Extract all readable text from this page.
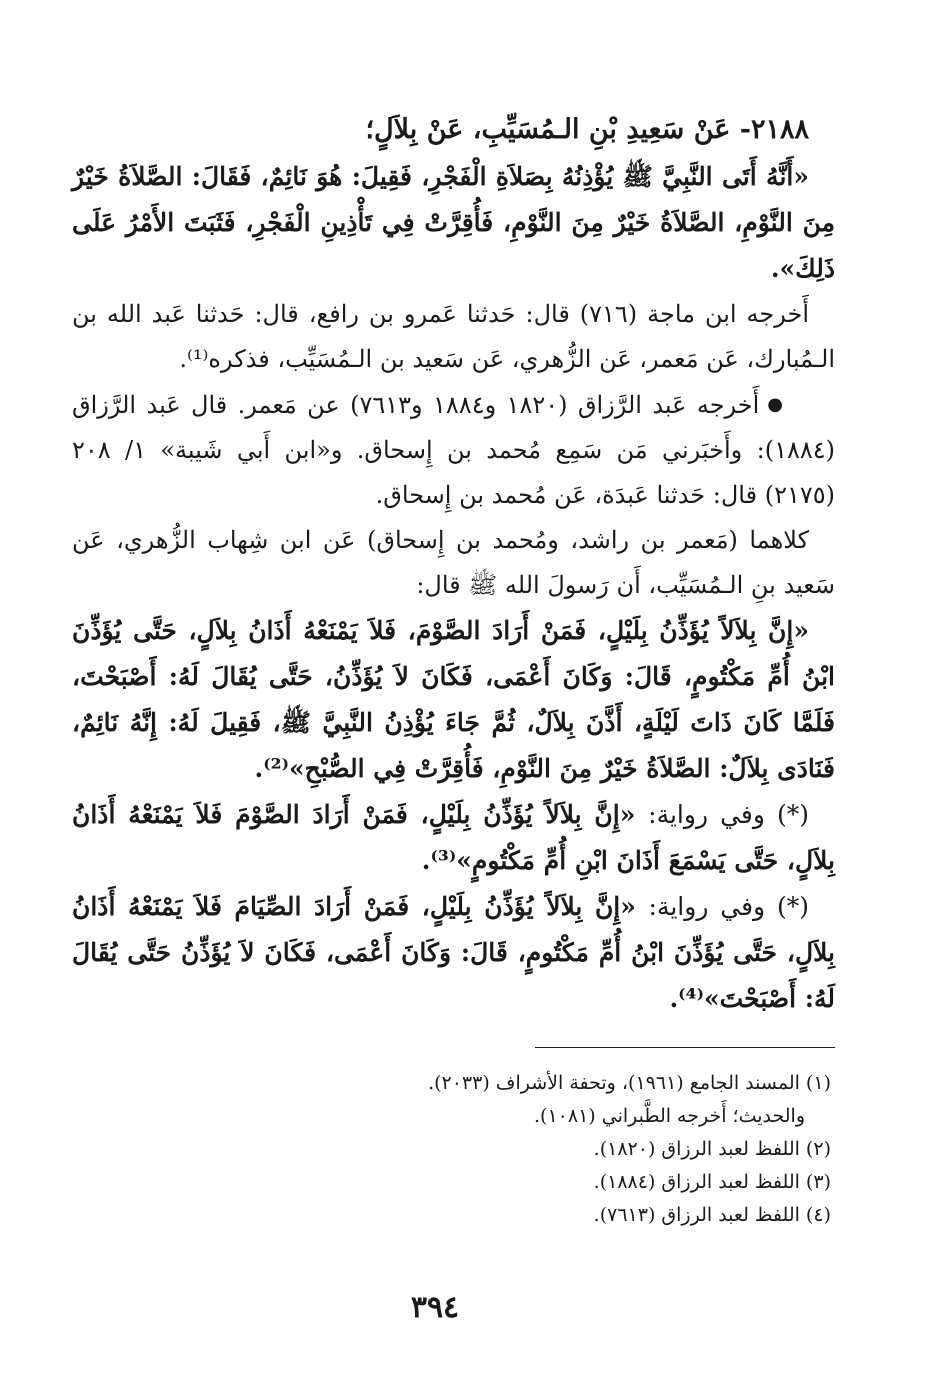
٢١٨٨- عَنْ سَعِيدِ بْنِ الـمُسَيِّبِ، عَنْ بِلاَلٍ؛

«أَنَّهُ أَتَى النَّبِيَّ ﷺ يُؤْذِنُهُ بِصَلاَةِ الْفَجْرِ، فَقِيلَ: هُوَ نَائِمٌ، فَقَالَ: الصَّلاَةُ خَيْرٌ مِنَ النَّوْمِ، الصَّلاَةُ خَيْرٌ مِنَ النَّوْمِ، فَأُقِرَّتْ فِي تَأْذِينِ الْفَجْرِ، فَثَبَتَ الأَمْرُ عَلَى ذَلِكَ».

أَخرجه ابن ماجة (٧١٦) قال: حَدثنا عَمرو بن رافع، قال: حَدثنا عَبد الله بن الـمُبارك، عَن مَعمر، عَن الزُّهري، عَن سَعيد بن الـمُسَيِّب، فذكره⁽¹⁾.

●أَخرجه عَبد الرَّزاق (١٨٢٠ و١٨٨٤ و٧٦١٣) عن مَعمر. قال عَبد الرَّزاق (١٨٨٤): وأَخبَرني مَن سَمِع مُحمد بن إِسحاق. و«ابن أَبي شَيبة» ١/ ٢٠٨ (٢١٧٥) قال: حَدثنا عَبدَة، عَن مُحمد بن إِسحاق.

كلاهما (مَعمر بن راشد، ومُحمد بن إِسحاق) عَن ابن شِهاب الزُّهري، عَن سَعيد بنِ الـمُسَيِّب، أَن رَسولَ الله ﷺ قال:

«إِنَّ بِلاَلاً يُؤَذِّنُ بِلَيْلٍ، فَمَنْ أَرَادَ الصَّوْمَ، فَلاَ يَمْنَعْهُ أَذَانُ بِلاَلٍ، حَتَّى يُؤَذِّنَ ابْنُ أُمِّ مَكْتُومٍ، قَالَ: وَكَانَ أَعْمَى، فَكَانَ لاَ يُؤَذِّنُ، حَتَّى يُقَالَ لَهُ: أَصْبَحْتَ، فَلَمَّا كَانَ ذَاتَ لَيْلَةٍ، أَذَّنَ بِلاَلٌ، ثُمَّ جَاءَ يُؤْذِنُ النَّبِيَّ ﷺ، فَقِيلَ لَهُ: إِنَّهُ نَائِمٌ، فَنَادَى بِلاَلٌ: الصَّلاَةُ خَيْرٌ مِنَ النَّوْمِ، فَأُقِرَّتْ فِي الصُّبْحِ»⁽²⁾.

(*) وفي رواية: «إِنَّ بِلاَلاً يُؤَذِّنُ بِلَيْلٍ، فَمَنْ أَرَادَ الصَّوْمَ فَلاَ يَمْنَعْهُ أَذَانُ بِلاَلٍ، حَتَّى يَسْمَعَ أَذَانَ ابْنِ أُمِّ مَكْتُومٍ»⁽³⁾.

(*) وفي رواية: «إِنَّ بِلاَلاً يُؤَذِّنُ بِلَيْلٍ، فَمَنْ أَرَادَ الصِّيَامَ فَلاَ يَمْنَعْهُ أَذَانُ بِلاَلٍ، حَتَّى يُؤَذِّنَ ابْنُ أُمِّ مَكْتُومٍ، قَالَ: وَكَانَ أَعْمَى، فَكَانَ لاَ يُؤَذِّنُ حَتَّى يُقَالَ لَهُ: أَصْبَحْتَ»⁽⁴⁾.

(١) المسند الجامع (١٩٦١)، وتحفة الأشراف (٢٠٣٣).

والحديث؛ أَخرجه الطَّبراني (١٠٨١).

(٢) اللفظ لعبد الرزاق (١٨٢٠).

(٣) اللفظ لعبد الرزاق (١٨٨٤).

(٤) اللفظ لعبد الرزاق (٧٦١٣).

٣٩٤
